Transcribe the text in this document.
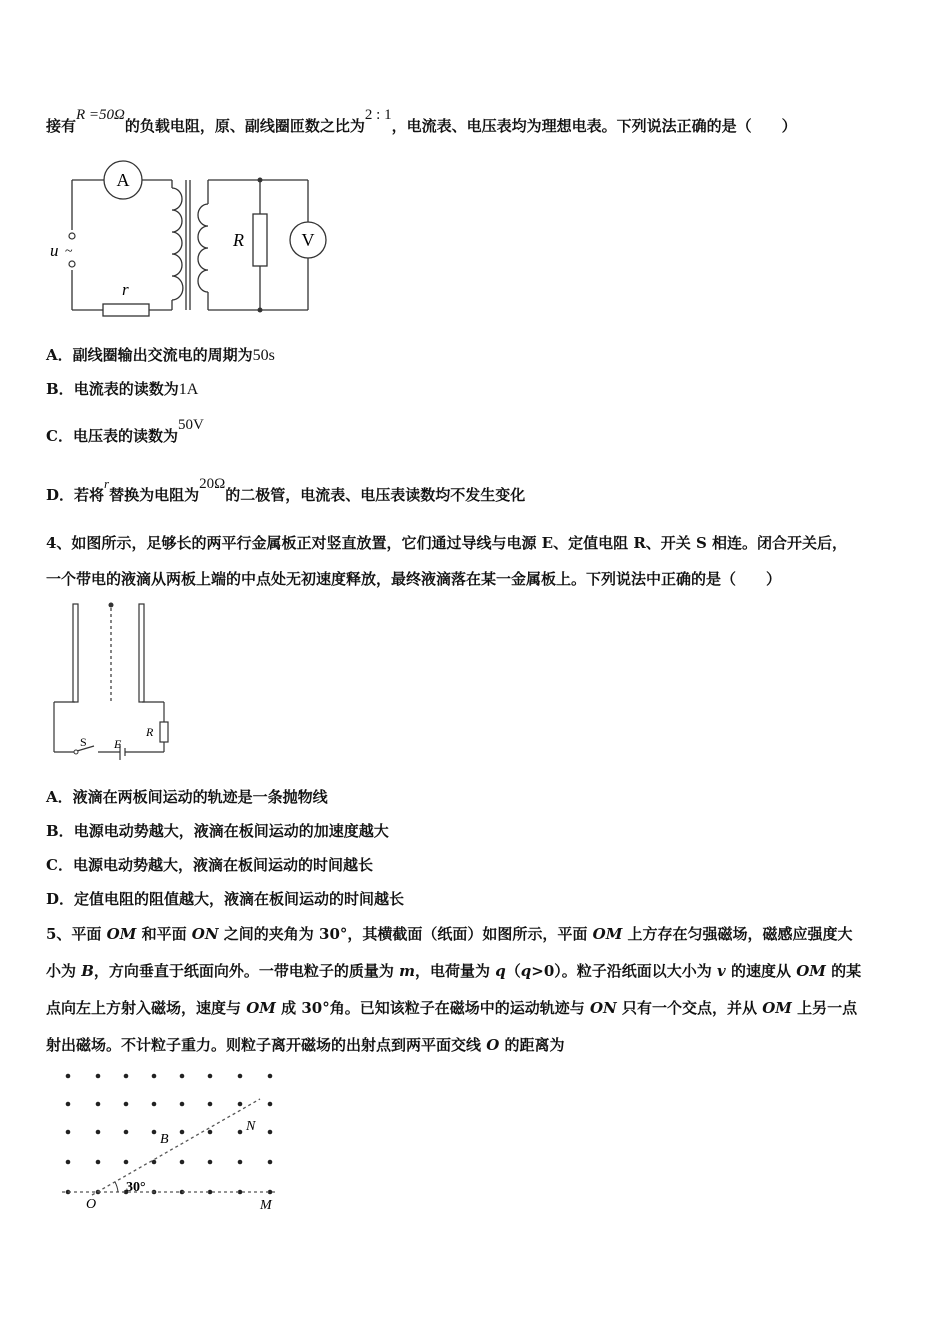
接有R =50Ω的负载电阻，原、副线圈匝数之比为2 : 1，电流表、电压表均为理想电表。下列说法正确的是（　　）
A
u ~
r
R	V
A．副线圈输出交流电的周期为50s
B．电流表的读数为1A
C．电压表的读数为50V
D．若将r替换为电阻为20Ω的二极管，电流表、电压表读数均不发生变化
4、如图所示，足够长的两平行金属板正对竖直放置，它们通过导线与电源 E、定值电阻 R、开关 S 相连。闭合开关后，
一个带电的液滴从两板上端的中点处无初速度释放，最终液滴落在某一金属板上。下列说法中正确的是（　　）
S E
R
A．液滴在两板间运动的轨迹是一条抛物线
B．电源电动势越大，液滴在板间运动的加速度越大
C．电源电动势越大，液滴在板间运动的时间越长
D．定值电阻的阻值越大，液滴在板间运动的时间越长
5、平面 OM 和平面 ON 之间的夹角为 30°，其横截面（纸面）如图所示，平面 OM 上方存在匀强磁场，磁感应强度大
小为 B，方向垂直于纸面向外。一带电粒子的质量为 m，电荷量为 q（q>0）。粒子沿纸面以大小为 v 的速度从 OM 的某
点向左上方射入磁场，速度与 OM 成 30°角。已知该粒子在磁场中的运动轨迹与 ON 只有一个交点，并从 OM 上另一点
射出磁场。不计粒子重力。则粒子离开磁场的出射点到两平面交线 O 的距离为
30°
B
N
O	M
